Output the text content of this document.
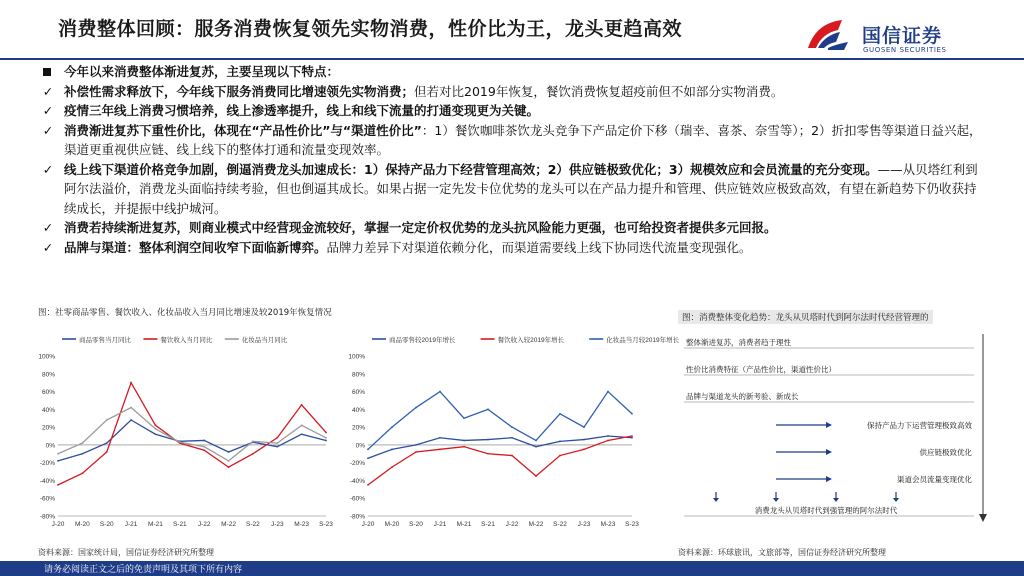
消费整体回顾：服务消费恢复领先实物消费，性价比为王，龙头更趋高效	国信证券
GUOSEN SECURITIES
今年以来消费整体渐进复苏，主要呈现以下特点：
✓ 补偿性需求释放下，今年线下服务消费同比增速领先实物消费；但若对比2019年恢复，餐饮消费恢复超疫前但不如部分实物消费。
✓ 疫情三年线上消费习惯培养，线上渗透率提升，线上和线下流量的打通变现更为关键。
✓ 消费渐进复苏下重性价比，体现在“产品性价比”与“渠道性价比”：1）餐饮咖啡茶饮龙头竞争下产品定价下移（瑞幸、喜茶、奈雪等）；2）折扣零售等渠道日益兴起，渠道更重视供应链、线上线下的整体打通和流量变现效率。
✓ 线上线下渠道价格竞争加剧，倒逼消费龙头加速成长：1）保持产品力下经营管理高效；2）供应链极致优化；3）规模效应和会员流量的充分变现。——从贝塔红利到阿尔法溢价，消费龙头面临持续考验，但也倒逼其成长。如果占据一定先发卡位优势的龙头可以在产品力提升和管理、供应链效应极致高效，有望在新趋势下仍收获持续成长，并提振中线护城河。
✓ 消费若持续渐进复苏，则商业模式中经营现金流较好，掌握一定定价权优势的龙头抗风险能力更强，也可给投资者提供多元回报。
✓ 品牌与渠道：整体利润空间收窄下面临新博弈。品牌力差异下对渠道依赖分化，而渠道需要线上线下协同迭代流量变现强化。
图：社零商品零售、餐饮收入、化妆品收入当月同比增速及较2019年恢复情况	图：消费整体变化趋势：龙头从贝塔时代到阿尔法时代经营管理的
商品零售当月同比	餐饮收入当月同比	化妆品当月同比
100%
80%
60%
40%
20%
0%
-20%
-40%
-60%
-80%
J-20 M-20 S-20 J-21 M-21 S-21 J-22 M-22 S-22 J-23 M-23 S-23
商品零售较2019年增长	餐饮收入较2019年增长	化妆品当月较2019年增长
100%
80%
60%
40%
20%
0%
-20%
-40%
-60%
-80%
J-20 M-20 S-20 J-21 M-21 S-21 J-22 M-22 S-22 J-23 M-23 S-23
整体渐进复苏，消费者趋于理性
性价比消费特征（产品性价比，渠道性价比）
品牌与渠道龙头的新考验、新成长
保持产品力下运营管理极致高效
供应链极致优化
渠道会员流量变现优化
消费龙头从贝塔时代到强管理的阿尔法时代
资料来源：国家统计局，国信证券经济研究所整理	资料来源：环球旅讯，文旅部等，国信证券经济研究所整理
请务必阅读正文之后的免责声明及其项下所有内容
